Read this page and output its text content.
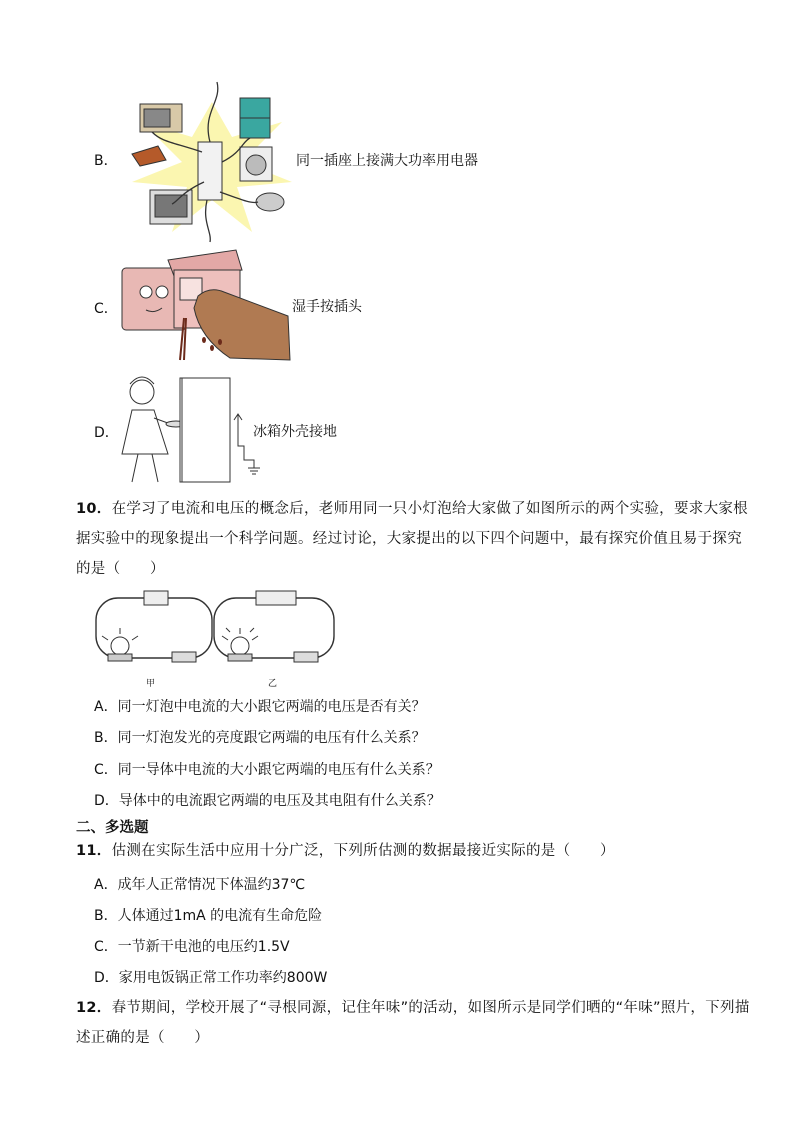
B．	同一插座上接满大功率用电器
C．	湿手按插头
D．	冰箱外壳接地
10．在学习了电流和电压的概念后，老师用同一只小灯泡给大家做了如图所示的两个实验，要求大家根据实验中的现象提出一个科学问题。经过讨论，大家提出的以下四个问题中，最有探究价值且易于探究的是（　　）
甲	乙
A．同一灯泡中电流的大小跟它两端的电压是否有关？
B．同一灯泡发光的亮度跟它两端的电压有什么关系？
C．同一导体中电流的大小跟它两端的电压有什么关系？
D．导体中的电流跟它两端的电压及其电阻有什么关系？
二、多选题
11．估测在实际生活中应用十分广泛，下列所估测的数据最接近实际的是（　　）
A．成年人正常情况下体温约37℃
B．人体通过1mA 的电流有生命危险
C．一节新干电池的电压约1.5V
D．家用电饭锅正常工作功率约800W
12．春节期间，学校开展了“寻根同源，记住年味”的活动，如图所示是同学们晒的“年味”照片，下列描述正确的是（　　）
